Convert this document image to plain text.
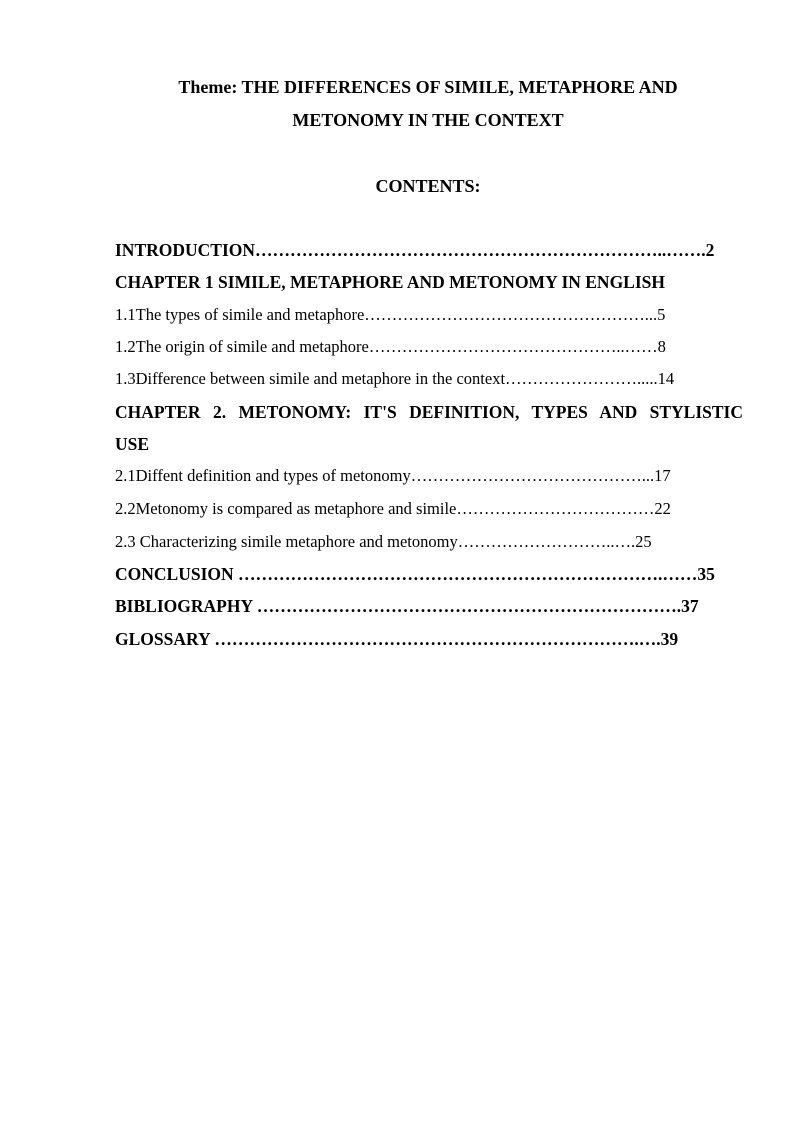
Theme: THE DIFFERENCES OF SIMILE, METAPHORE AND
METONOMY IN THE CONTEXT
CONTENTS:
INTRODUCTION……………………………………………………………..…….2
CHAPTER 1 SIMILE, METAPHORE AND METONOMY IN ENGLISH
1.1The types of simile and metaphore……………………………………………...5
1.2The origin of simile and metaphore………………………………………..……8
1.3Difference between simile and metaphore in the context…………………….....14
CHAPTER 2. METONOMY: IT'S DEFINITION, TYPES AND STYLISTIC
USE
2.1Diffent definition and types of metonomy……………………………………...17
2.2Metonomy is compared as metaphore and simile………………………………22
2.3 Characterizing simile metaphore and metonomy………………………..….25
CONCLUSION ……………………………………………………………….……35
BIBLIOGRAPHY ……………………………………………………………….37
GLOSSARY ……………………………………………………………….….39
